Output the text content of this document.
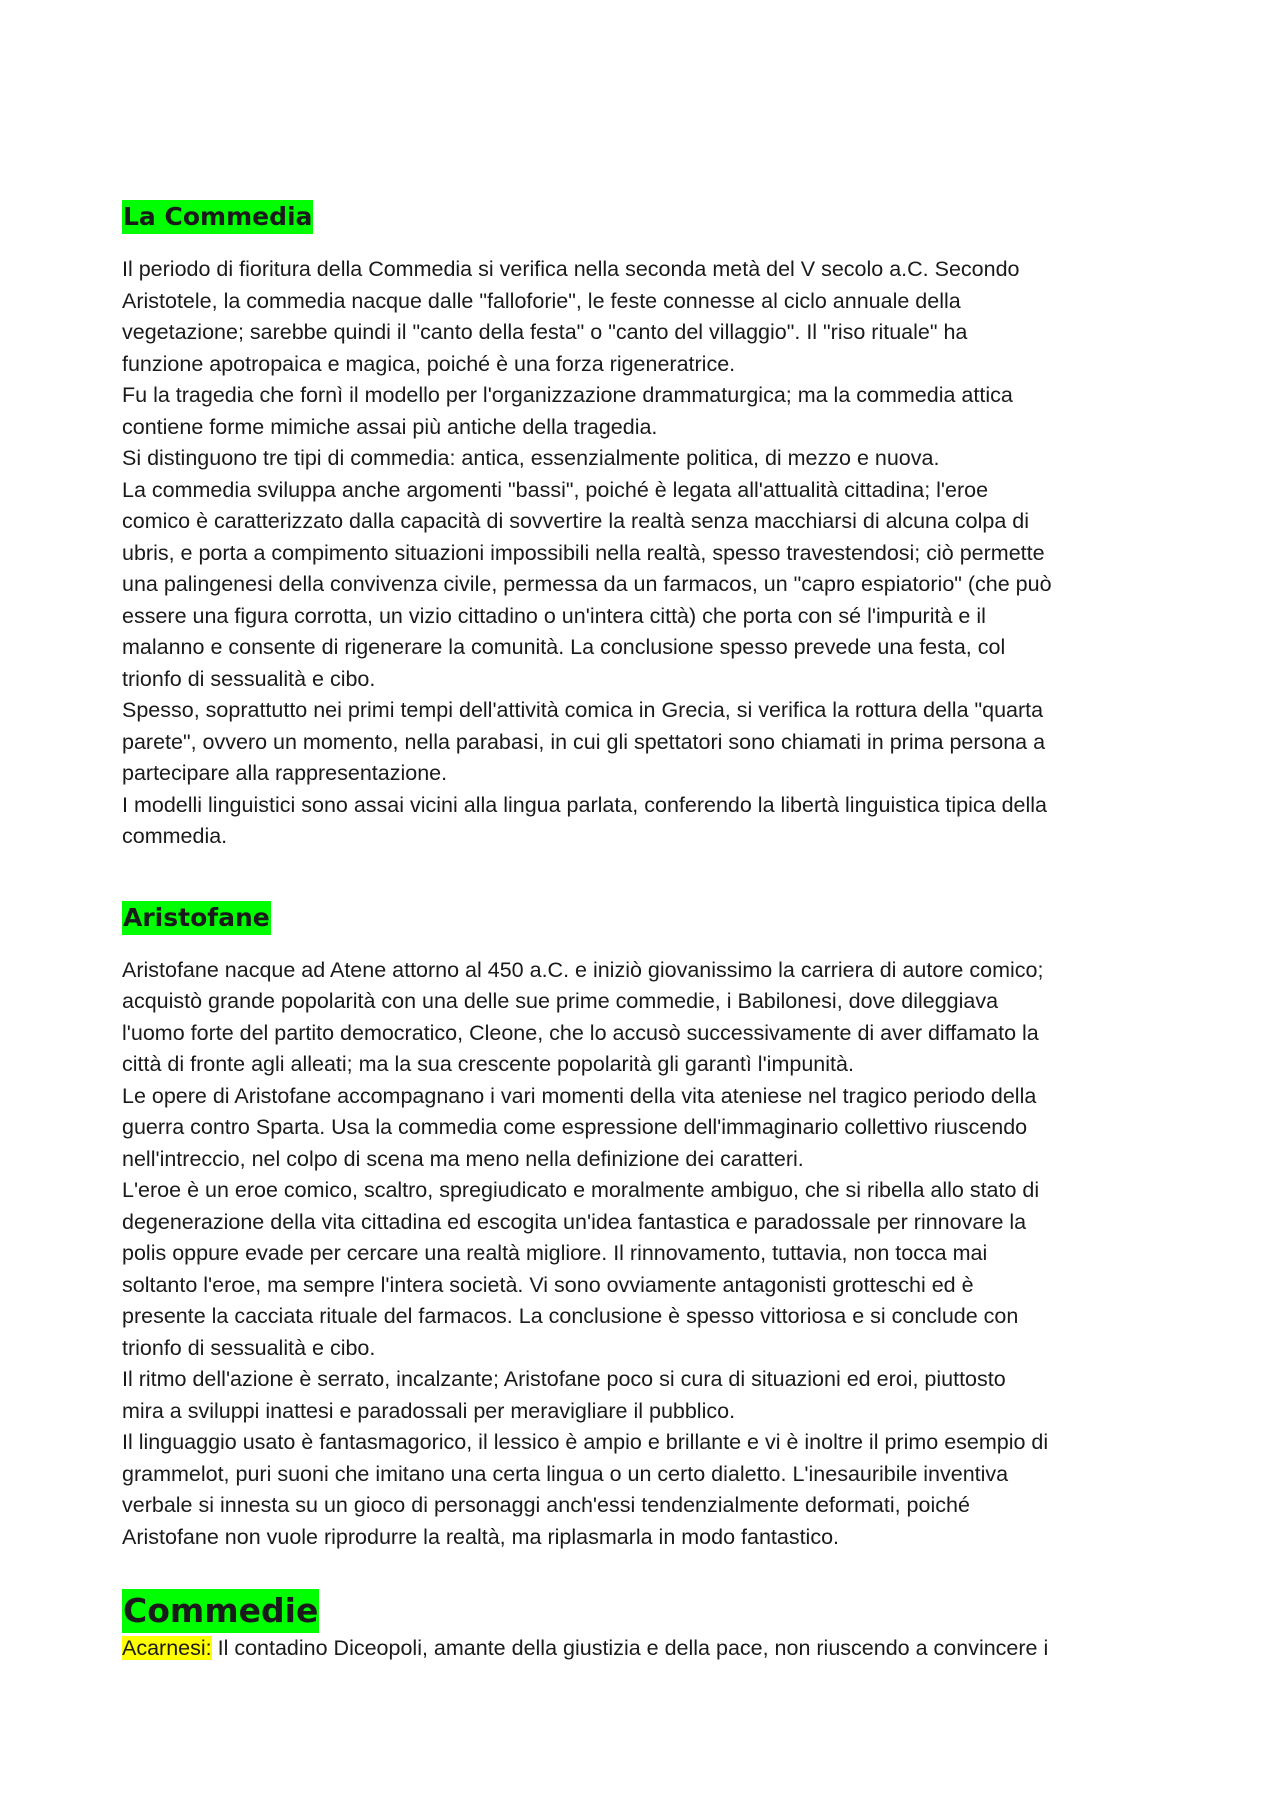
La Commedia

Il periodo di fioritura della Commedia si verifica nella seconda metà del V secolo a.C. Secondo

Aristotele, la commedia nacque dalle "falloforie", le feste connesse al ciclo annuale della

vegetazione; sarebbe quindi il "canto della festa" o "canto del villaggio". Il "riso rituale" ha

funzione apotropaica e magica, poiché è una forza rigeneratrice.

Fu la tragedia che fornì il modello per l'organizzazione drammaturgica; ma la commedia attica

contiene forme mimiche assai più antiche della tragedia.

Si distinguono tre tipi di commedia: antica, essenzialmente politica, di mezzo e nuova.

La commedia sviluppa anche argomenti "bassi", poiché è legata all'attualità cittadina; l'eroe

comico è caratterizzato dalla capacità di sovvertire la realtà senza macchiarsi di alcuna colpa di

ubris, e porta a compimento situazioni impossibili nella realtà, spesso travestendosi; ciò permette

una palingenesi della convivenza civile, permessa da un farmacos, un "capro espiatorio" (che può

essere una figura corrotta, un vizio cittadino o un'intera città) che porta con sé l'impurità e il

malanno e consente di rigenerare la comunità. La conclusione spesso prevede una festa, col

trionfo di sessualità e cibo.

Spesso, soprattutto nei primi tempi dell'attività comica in Grecia, si verifica la rottura della "quarta

parete", ovvero un momento, nella parabasi, in cui gli spettatori sono chiamati in prima persona a

partecipare alla rappresentazione.

I modelli linguistici sono assai vicini alla lingua parlata, conferendo la libertà linguistica tipica della

commedia.

Aristofane

Aristofane nacque ad Atene attorno al 450 a.C. e iniziò giovanissimo la carriera di autore comico;

acquistò grande popolarità con una delle sue prime commedie, i Babilonesi, dove dileggiava

l'uomo forte del partito democratico, Cleone, che lo accusò successivamente di aver diffamato la

città di fronte agli alleati; ma la sua crescente popolarità gli garantì l'impunità.

Le opere di Aristofane accompagnano i vari momenti della vita ateniese nel tragico periodo della

guerra contro Sparta. Usa la commedia come espressione dell'immaginario collettivo riuscendo

nell'intreccio, nel colpo di scena ma meno nella definizione dei caratteri.

L'eroe è un eroe comico, scaltro, spregiudicato e moralmente ambiguo, che si ribella allo stato di

degenerazione della vita cittadina ed escogita un'idea fantastica e paradossale per rinnovare la

polis oppure evade per cercare una realtà migliore. Il rinnovamento, tuttavia, non tocca mai

soltanto l'eroe, ma sempre l'intera società. Vi sono ovviamente antagonisti grotteschi ed è

presente la cacciata rituale del farmacos. La conclusione è spesso vittoriosa e si conclude con

trionfo di sessualità e cibo.

Il ritmo dell'azione è serrato, incalzante; Aristofane poco si cura di situazioni ed eroi, piuttosto

mira a sviluppi inattesi e paradossali per meravigliare il pubblico.

Il linguaggio usato è fantasmagorico, il lessico è ampio e brillante e vi è inoltre il primo esempio di

grammelot, puri suoni che imitano una certa lingua o un certo dialetto. L'inesauribile inventiva

verbale si innesta su un gioco di personaggi anch'essi tendenzialmente deformati, poiché

Aristofane non vuole riprodurre la realtà, ma riplasmarla in modo fantastico.

Commedie

Acarnesi: Il contadino Diceopoli, amante della giustizia e della pace, non riuscendo a convincere i
